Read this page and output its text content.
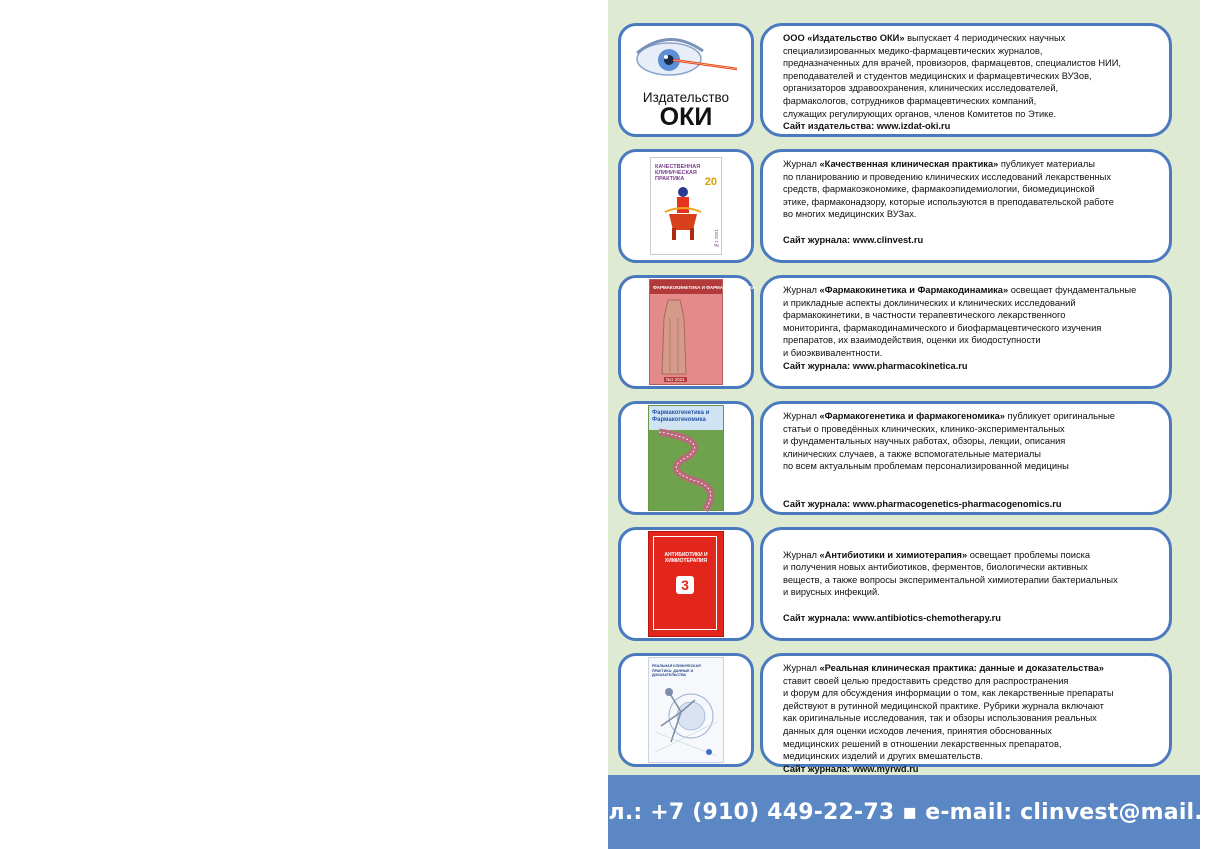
Издательство
ОКИ
ООО «Издательство ОКИ» выпускает 4 периодических научных
специализированных медико-фармацевтических журналов,
предназначенных для врачей, провизоров, фармацевтов, специалистов НИИ,
преподавателей и студентов медицинских и фармацевтических ВУЗов,
организаторов здравоохранения, клинических исследователей,
фармакологов, сотрудников фармацевтических компаний,
служащих регулирующих органов, членов Комитетов по Этике.
Сайт издательства: www.izdat-oki.ru
КАЧЕСТВЕННАЯ КЛИНИЧЕСКАЯ ПРАКТИКА	20
№1 2021
Журнал «Качественная клиническая практика» публикует материалы
по планированию и проведению клинических исследований лекарственных
средств, фармакоэкономике, фармакоэпидемиологии, биомедицинской
этике, фармаконадзору, которые используются в преподавательской работе
во многих медицинских ВУЗах.
Сайт журнала: www.clinvest.ru
ФАРМАКОКИНЕТИКА И ФАРМАКОДИНАМИКА
№1 2021
Журнал «Фармакокинетика и Фармакодинамика» освещает фундаментальные
и прикладные аспекты доклинических и клинических исследований
фармакокинетики, в частности терапевтического лекарственного
мониторинга, фармакодинамического и биофармацевтического изучения
препаратов, их взаимодействия, оценки их биодоступности
и биоэквивалентности.
Сайт журнала: www.pharmacokinetica.ru
Фармакогенетика и Фармакогеномика	Журнал «Фармакогенетика и фармакогеномика» публикует оригинальные
статьи о проведённых клинических, клинико-экспериментальных
и фундаментальных научных работах, обзоры, лекции, описания
клинических случаев, а также вспомогательные материалы
по всем актуальным проблемам персонализированной медицины
Сайт журнала: www.pharmacogenetics-pharmacogenomics.ru
АНТИБИОТИКИ И ХИМИОТЕРАПИЯ
3
Журнал «Антибиотики и химиотерапия» освещает проблемы поиска
и получения новых антибиотиков, ферментов, биологически активных
веществ, а также вопросы экспериментальной химиотерапии бактериальных
и вирусных инфекций.
Сайт журнала: www.antibiotics-chemotherapy.ru
РЕАЛЬНАЯ КЛИНИЧЕСКАЯ ПРАКТИКА: ДАННЫЕ И ДОКАЗАТЕЛЬСТВА
Журнал «Реальная клиническая практика: данные и доказательства»
ставит своей целью предоставить средство для распространения
и форум для обсуждения информации о том, как лекарственные препараты
действуют в рутинной медицинской практике. Рубрики журнала включают
как оригинальные исследования, так и обзоры использования реальных
данных для оценки исходов лечения, принятия обоснованных
медицинских решений в отношении лекарственных препаратов,
медицинских изделий и других вмешательств.
Сайт журнала: www.myrwd.ru
Тел.: +7 (910) 449-22-73 ▪ e-mail: clinvest@mail.ru
